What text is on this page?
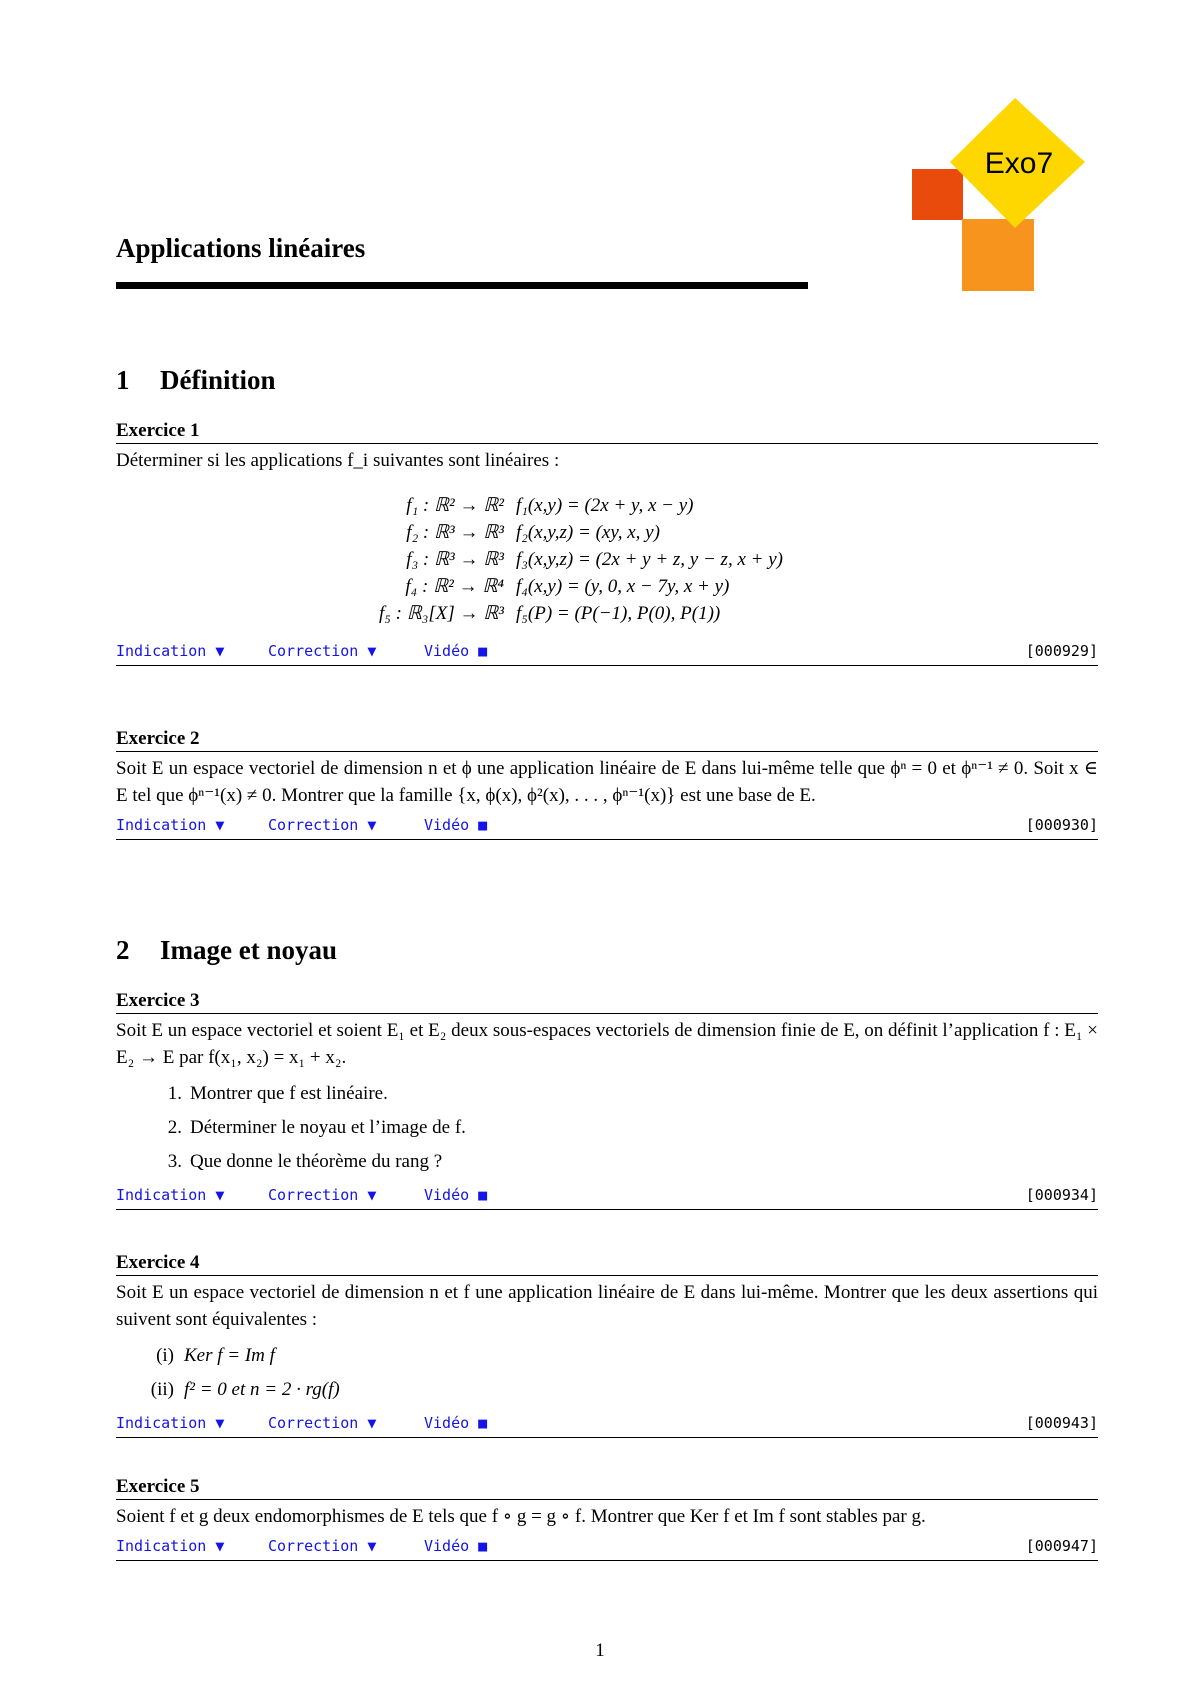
Exo7
Applications linéaires
1 Définition
Exercice 1

Déterminer si les applications f_i suivantes sont linéaires :

f₁ : ℝ² → ℝ² f₁(x,y) = (2x + y, x − y)
f₂ : ℝ³ → ℝ³ f₂(x,y,z) = (xy, x, y)
f₃ : ℝ³ → ℝ³ f₃(x,y,z) = (2x + y + z, y − z, x + y)
f₄ : ℝ² → ℝ⁴ f₄(x,y) = (y, 0, x − 7y, x + y)
f₅ : ℝ₃[X] → ℝ³ f₅(P) = (P(−1), P(0), P(1))
Indication ▼	Correction ▼	Vidéo ■	[000929]
Exercice 2

Soit E un espace vectoriel de dimension n et ϕ une application linéaire de E dans lui-même telle que ϕⁿ = 0 et ϕⁿ⁻¹ ≠ 0. Soit x ∈ E tel que ϕⁿ⁻¹(x) ≠ 0. Montrer que la famille {x, ϕ(x), ϕ²(x), . . . , ϕⁿ⁻¹(x)} est une base de E.

Indication ▼	Correction ▼	Vidéo ■	[000930]
2 Image et noyau
Exercice 3

Soit E un espace vectoriel et soient E₁ et E₂ deux sous-espaces vectoriels de dimension finie de E, on définit l’application f : E₁ × E₂ → E par f(x₁, x₂) = x₁ + x₂.

1. Montrer que f est linéaire.
2. Déterminer le noyau et l’image de f.
3. Que donne le théorème du rang ?
Indication ▼	Correction ▼	Vidéo ■	[000934]
Exercice 4

Soit E un espace vectoriel de dimension n et f une application linéaire de E dans lui-même. Montrer que les deux assertions qui suivent sont équivalentes :

(i) Ker f = Im f
(ii) f² = 0 et n = 2 · rg(f)
Indication ▼	Correction ▼	Vidéo ■	[000943]
Exercice 5

Soient f et g deux endomorphismes de E tels que f ∘ g = g ∘ f. Montrer que Ker f et Im f sont stables par g.

Indication ▼	Correction ▼	Vidéo ■	[000947]
1
